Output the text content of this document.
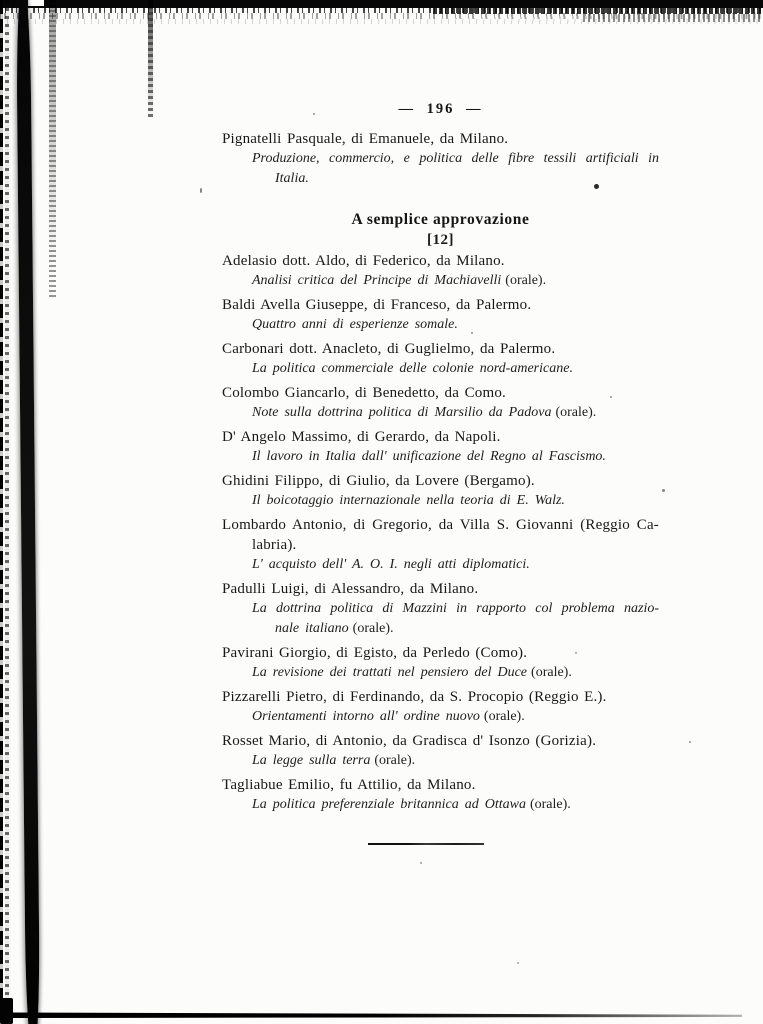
— 196 —
Pignatelli Pasquale, di Emanuele, da Milano.
Produzione, commercio, e politica delle fibre tessili artificiali in
Italia.
A semplice approvazione
[12]
Adelasio dott. Aldo, di Federico, da Milano.
Analisi critica del Principe di Machiavelli (orale).
Baldi Avella Giuseppe, di Franceso, da Palermo.
Quattro anni di esperienze somale.
Carbonari dott. Anacleto, di Guglielmo, da Palermo.
La politica commerciale delle colonie nord-americane.
Colombo Giancarlo, di Benedetto, da Como.
Note sulla dottrina politica di Marsilio da Padova (orale).
D' Angelo Massimo, di Gerardo, da Napoli.
Il lavoro in Italia dall' unificazione del Regno al Fascismo.
Ghidini Filippo, di Giulio, da Lovere (Bergamo).
Il boicotaggio internazionale nella teoria di E. Walz.
Lombardo Antonio, di Gregorio, da Villa S. Giovanni (Reggio Ca-
labria).
L' acquisto dell' A. O. I. negli atti diplomatici.
Padulli Luigi, di Alessandro, da Milano.
La dottrina politica di Mazzini in rapporto col problema nazio-
nale italiano (orale).
Pavirani Giorgio, di Egisto, da Perledo (Como).
La revisione dei trattati nel pensiero del Duce (orale).
Pizzarelli Pietro, di Ferdinando, da S. Procopio (Reggio E.).
Orientamenti intorno all' ordine nuovo (orale).
Rosset Mario, di Antonio, da Gradisca d' Isonzo (Gorizia).
La legge sulla terra (orale).
Tagliabue Emilio, fu Attilio, da Milano.
La politica preferenziale britannica ad Ottawa (orale).
